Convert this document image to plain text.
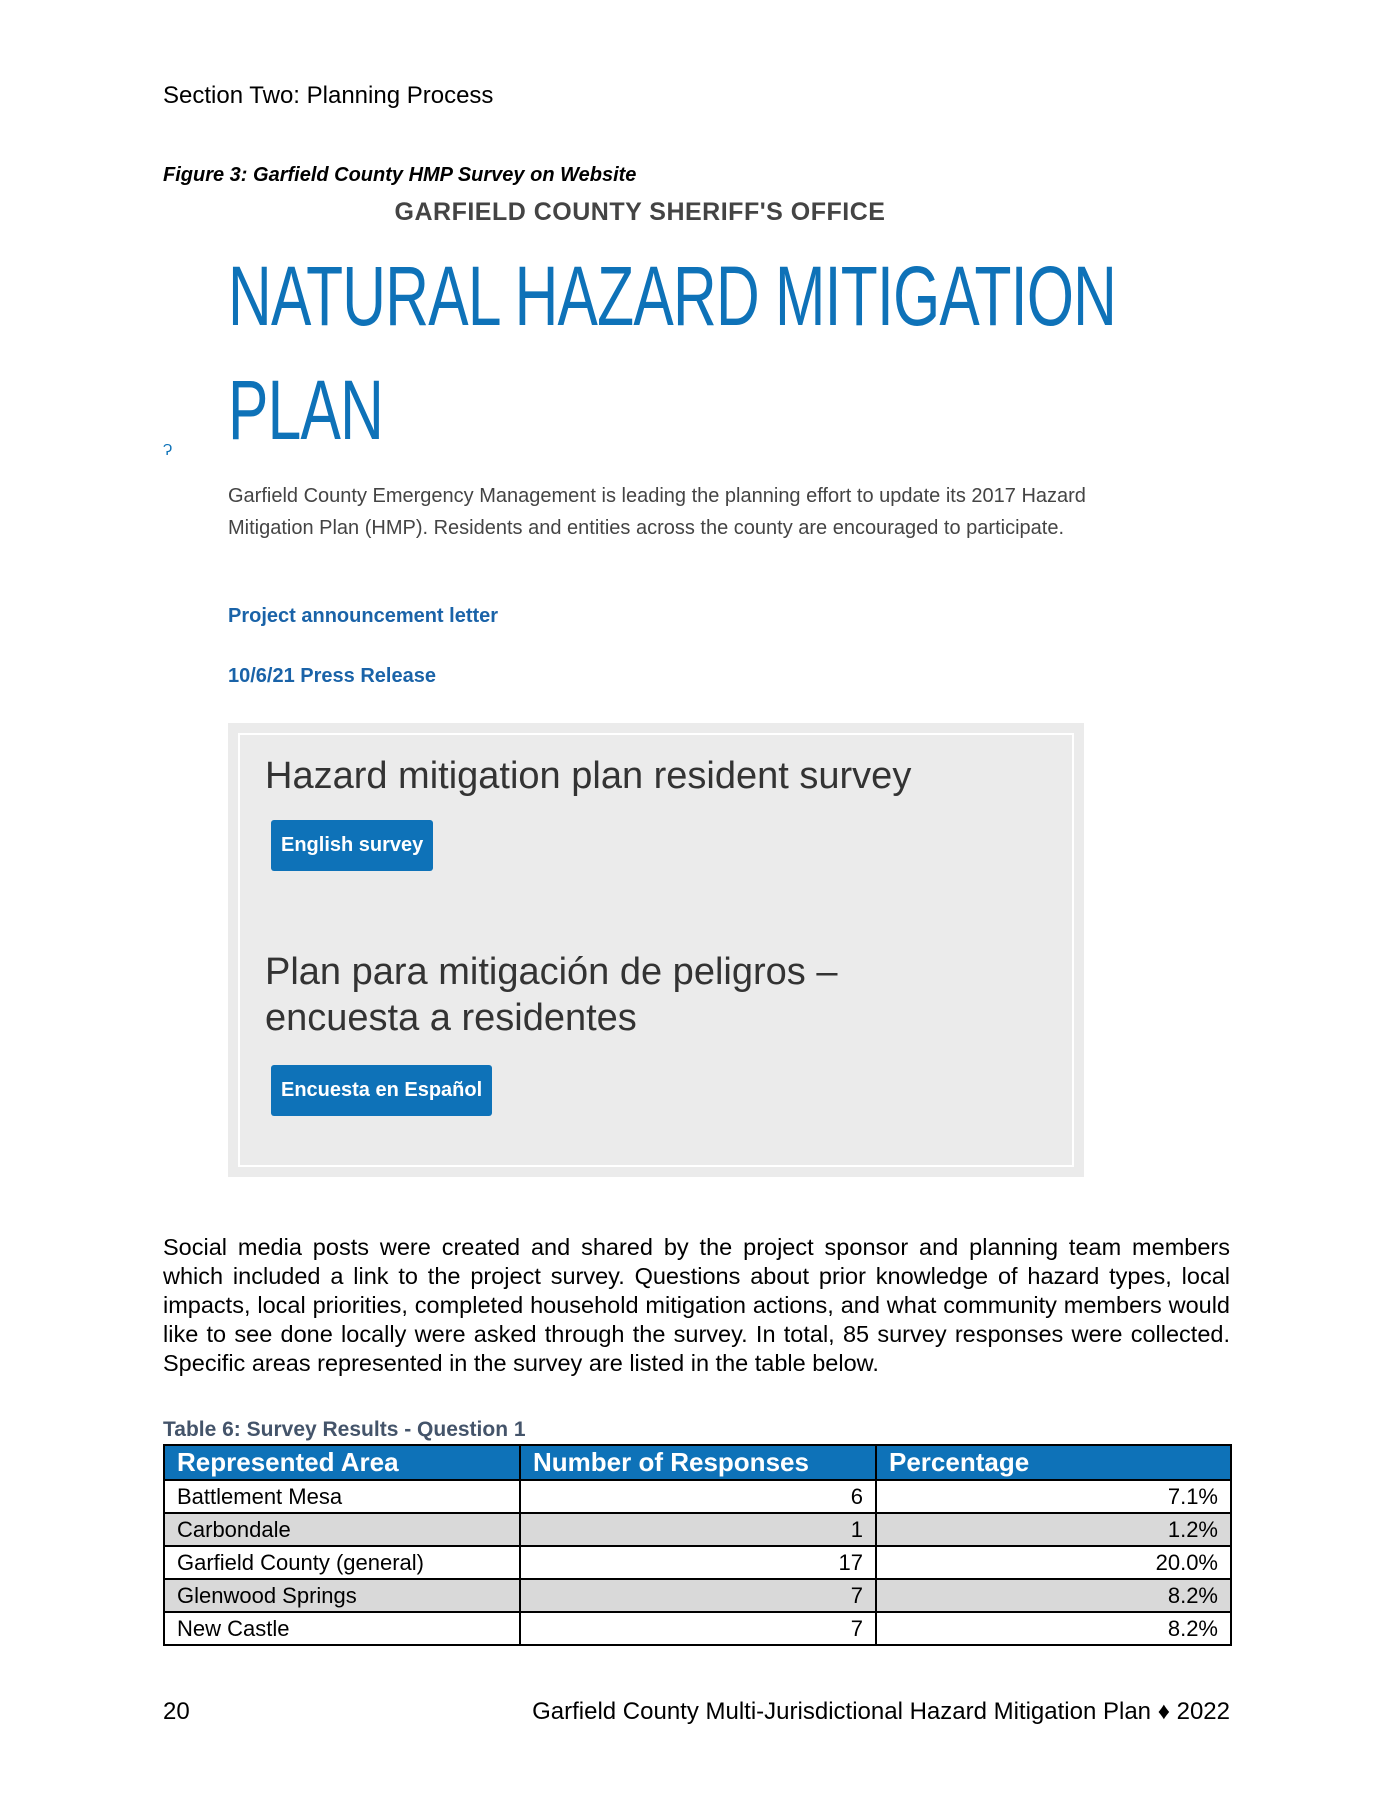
Section Two: Planning Process
Figure 3: Garfield County HMP Survey on Website
GARFIELD COUNTY SHERIFF'S OFFICE
NATURAL HAZARD MITIGATION
PLAN
Ɂ
Garfield County Emergency Management is leading the planning effort to update its 2017 Hazard Mitigation Plan (HMP). Residents and entities across the county are encouraged to participate.
Project announcement letter
10/6/21 Press Release
Hazard mitigation plan resident survey
English survey
Plan para mitigación de peligros – encuesta a residentes
Encuesta en Español
Social media posts were created and shared by the project sponsor and planning team members which included a link to the project survey. Questions about prior knowledge of hazard types, local impacts, local priorities, completed household mitigation actions, and what community members would like to see done locally were asked through the survey. In total, 85 survey responses were collected. Specific areas represented in the survey are listed in the table below.
Table 6: Survey Results - Question 1
Represented Area	Number of Responses	Percentage
Battlement Mesa	6	7.1%
Carbondale	1	1.2%
Garfield County (general)	17	20.0%
Glenwood Springs	7	8.2%
New Castle	7	8.2%
20	Garfield County Multi-Jurisdictional Hazard Mitigation Plan ♦ 2022
